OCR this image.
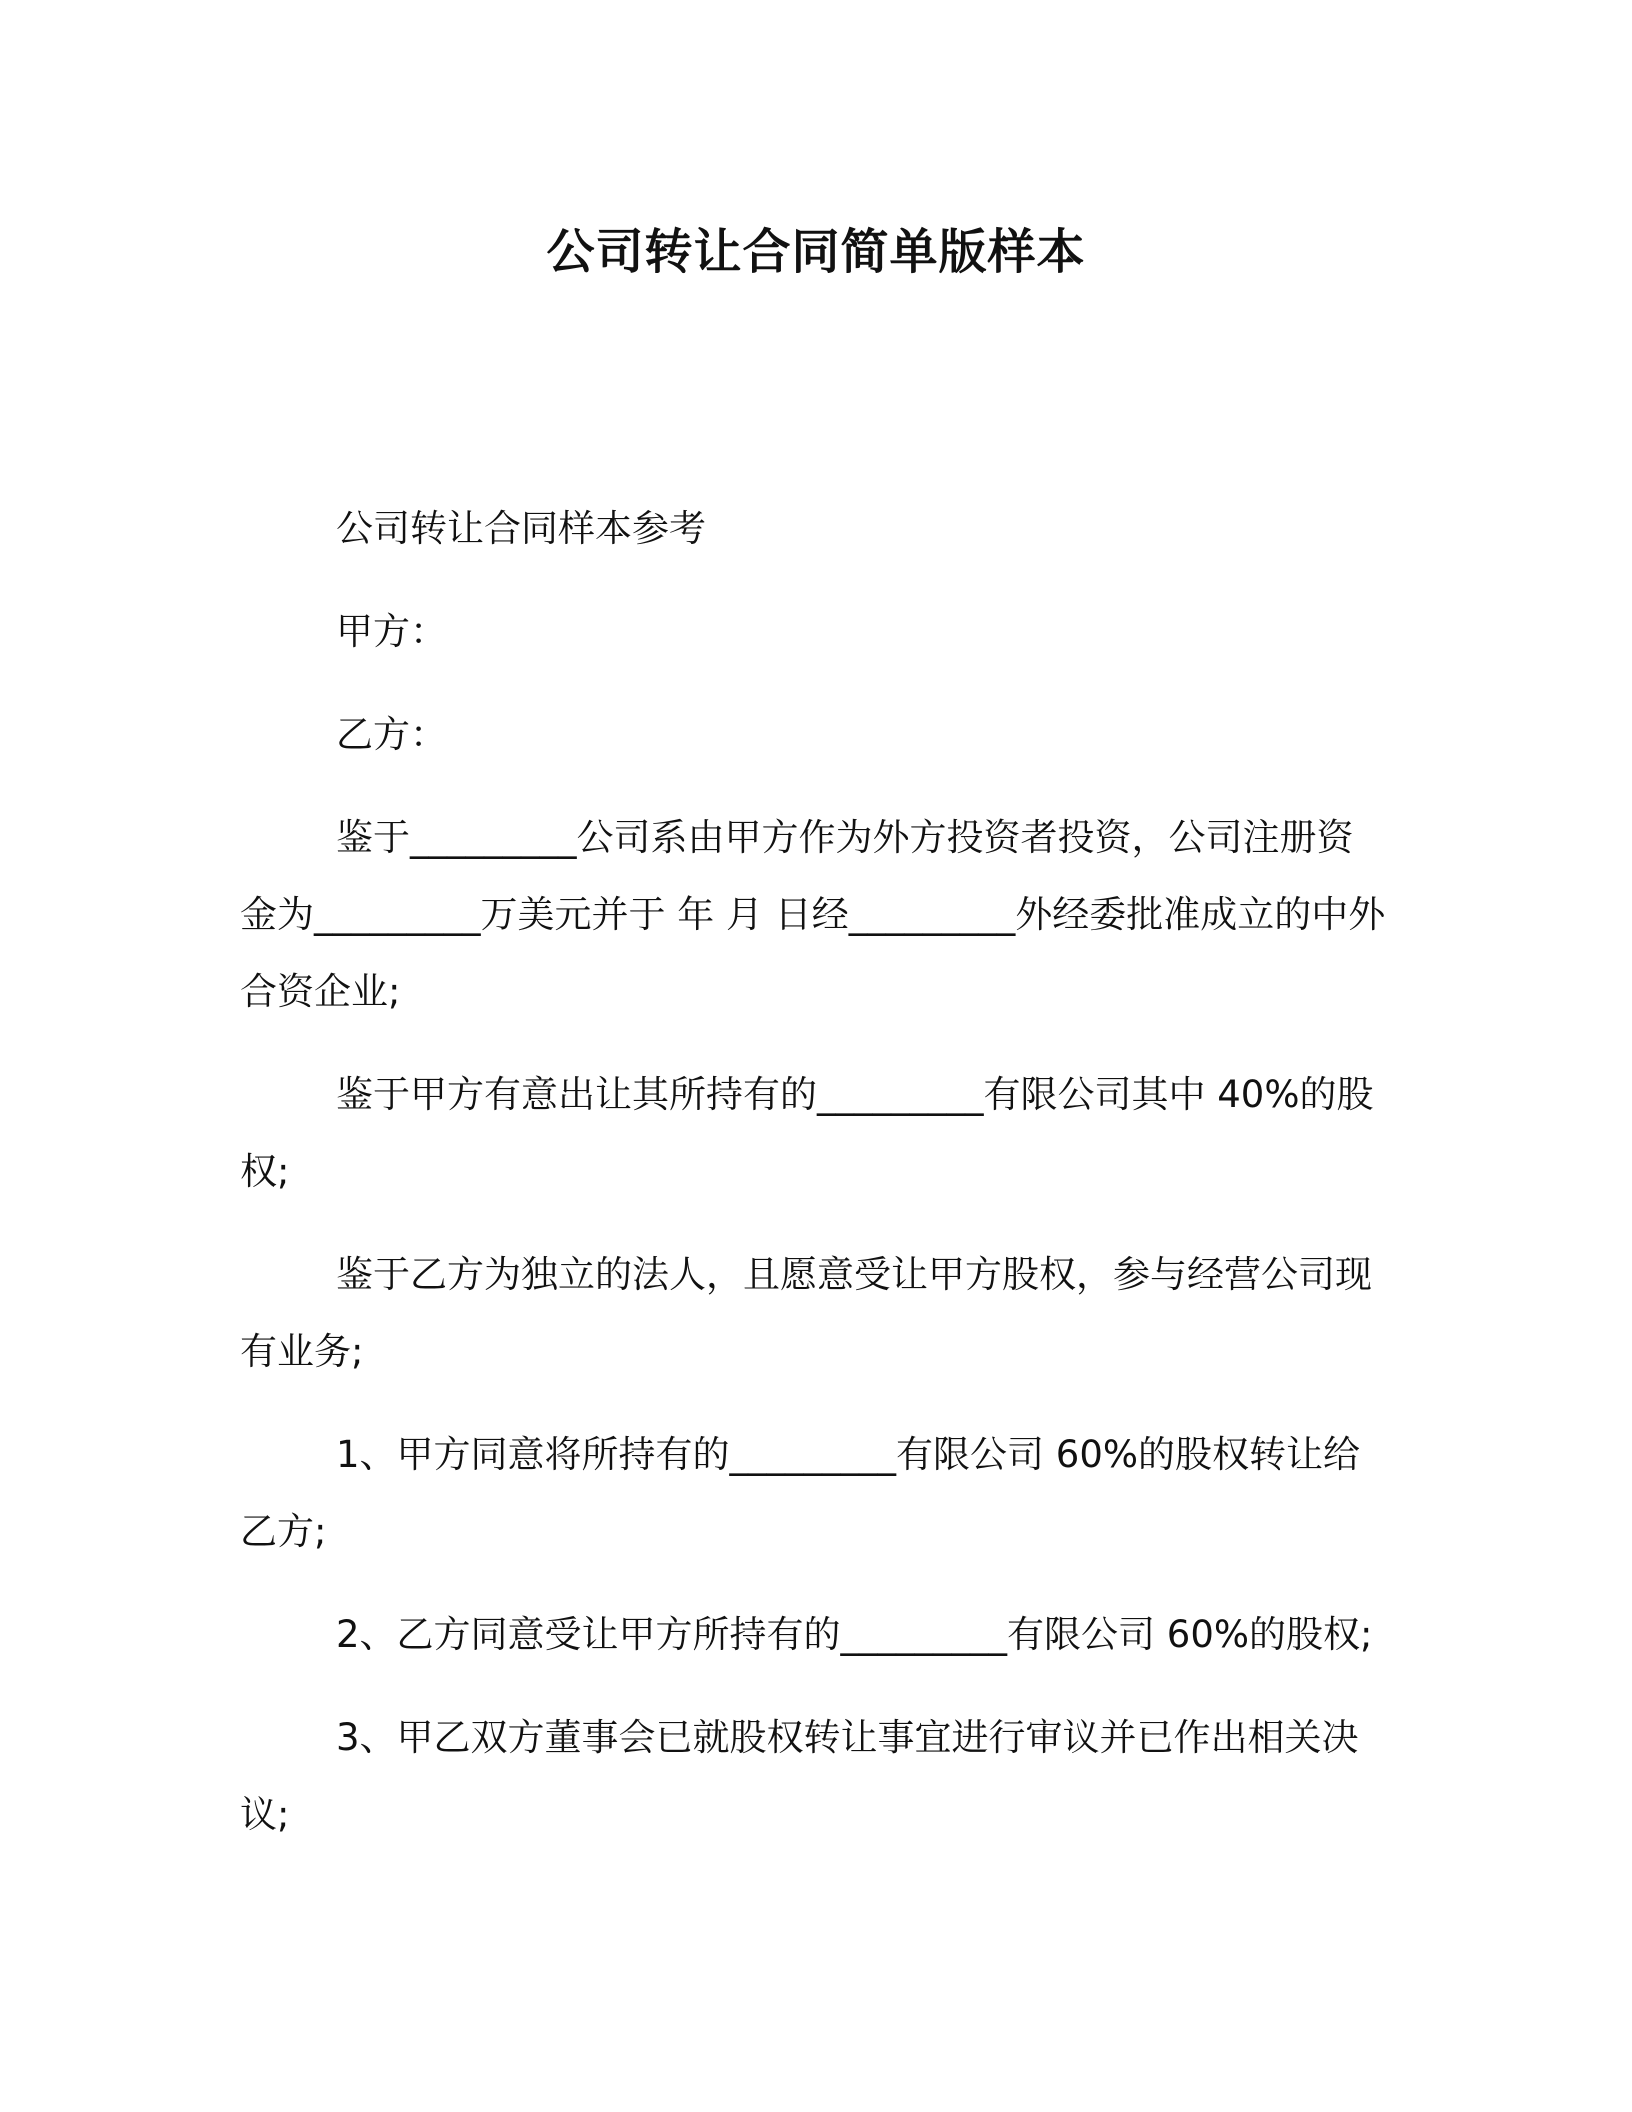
公司转让合同简单版样本

公司转让合同样本参考

甲方：

乙方：

鉴于_________公司系由甲方作为外方投资者投资，公司注册资金为_________万美元并于 年 月 日经_________外经委批准成立的中外合资企业;

鉴于甲方有意出让其所持有的_________有限公司其中 40%的股权;

鉴于乙方为独立的法人，且愿意受让甲方股权，参与经营公司现有业务;

1、甲方同意将所持有的_________有限公司 60%的股权转让给乙方;

2、乙方同意受让甲方所持有的_________有限公司 60%的股权;

3、甲乙双方董事会已就股权转让事宜进行审议并已作出相关决议;
